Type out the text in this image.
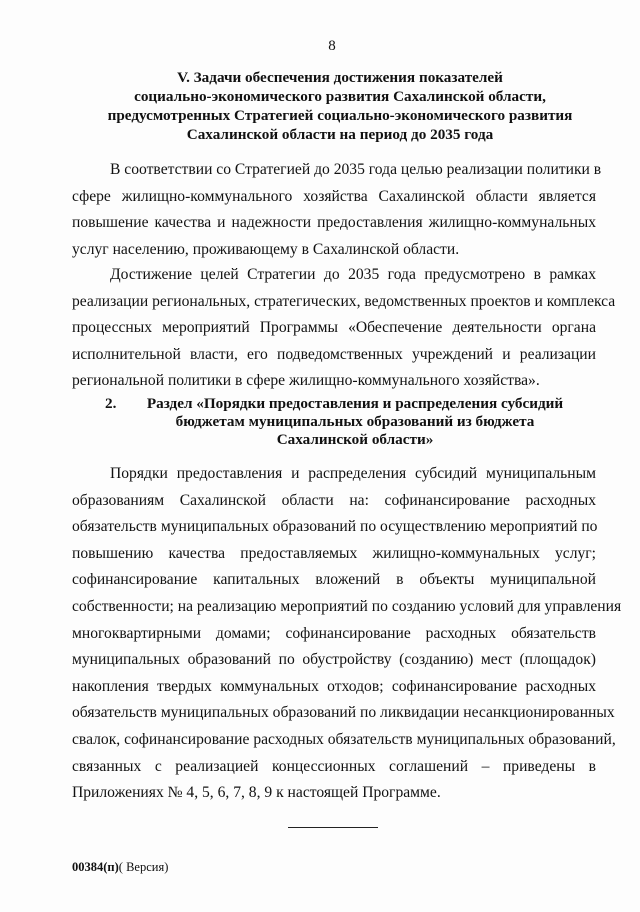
8
V. Задачи обеспечения достижения показателей
социально-экономического развития Сахалинской области,
предусмотренных Стратегией социально-экономического развития
Сахалинской области на период до 2035 года
В соответствии со Стратегией до 2035 года целью реализации политики в
сфере жилищно-коммунального хозяйства Сахалинской области является
повышение качества и надежности предоставления жилищно-коммунальных
услуг населению, проживающему в Сахалинской области.
Достижение целей Стратегии до 2035 года предусмотрено в рамках
реализации региональных, стратегических, ведомственных проектов и комплекса
процессных мероприятий Программы «Обеспечение деятельности органа
исполнительной власти, его подведомственных учреждений и реализации
региональной политики в сфере жилищно-коммунального хозяйства».
2. Раздел «Порядки предоставления и распределения субсидий
бюджетам муниципальных образований из бюджета
Сахалинской области»
Порядки предоставления и распределения субсидий муниципальным
образованиям Сахалинской области на: софинансирование расходных
обязательств муниципальных образований по осуществлению мероприятий по
повышению качества предоставляемых жилищно-коммунальных услуг;
софинансирование капитальных вложений в объекты муниципальной
собственности; на реализацию мероприятий по созданию условий для управления
многоквартирными домами; софинансирование расходных обязательств
муниципальных образований по обустройству (созданию) мест (площадок)
накопления твердых коммунальных отходов; софинансирование расходных
обязательств муниципальных образований по ликвидации несанкционированных
свалок, софинансирование расходных обязательств муниципальных образований,
связанных с реализацией концессионных соглашений – приведены в
Приложениях № 4, 5, 6, 7, 8, 9 к настоящей Программе.
00384(п)( Версия)
